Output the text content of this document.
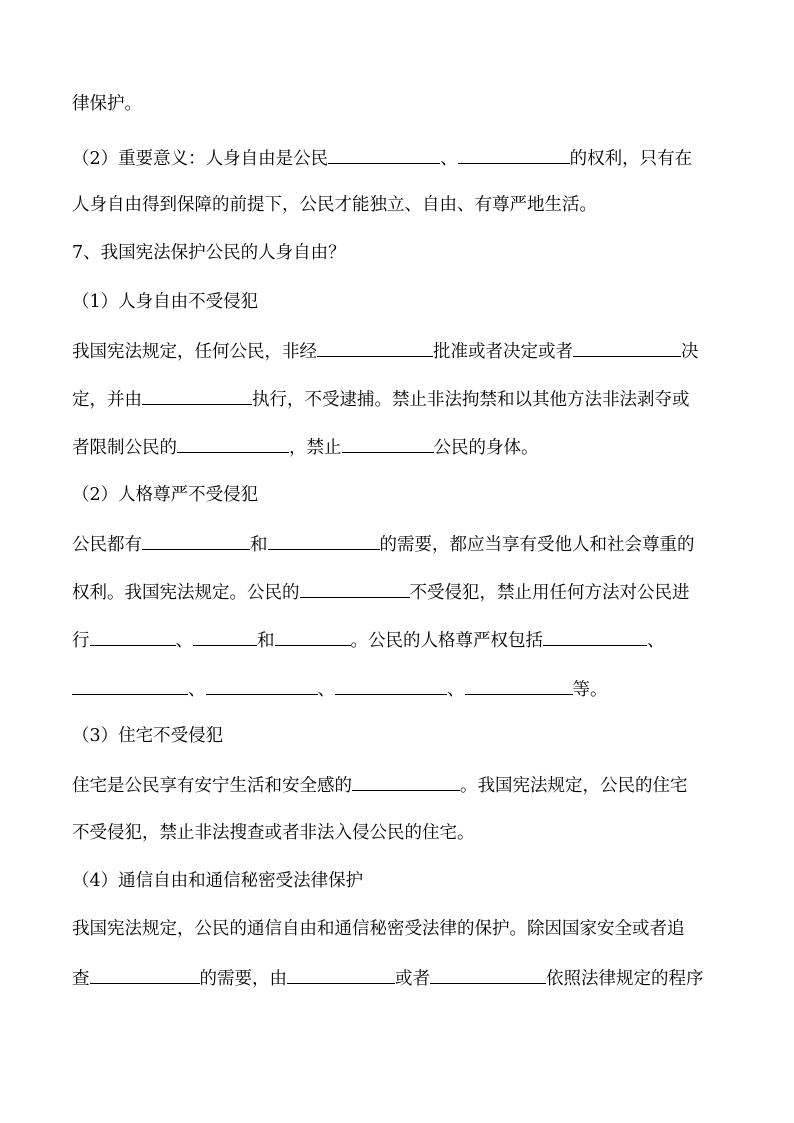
律保护。
（2）重要意义：人身自由是公民	、	的权利，只有在
人身自由得到保障的前提下，公民才能独立、自由、有尊严地生活。
7、我国宪法保护公民的人身自由？
（1）人身自由不受侵犯
我国宪法规定，任何公民，非经	批准或者决定或者	决
定，并由	执行，不受逮捕。禁止非法拘禁和以其他方法非法剥夺或
者限制公民的	，禁止	公民的身体。
（2）人格尊严不受侵犯
公民都有	和	的需要，都应当享有受他人和社会尊重的
权利。我国宪法规定。公民的	不受侵犯，禁止用任何方法对公民进
行	、	和	。公民的人格尊严权包括	、
、	、	、	等。
（3）住宅不受侵犯
住宅是公民享有安宁生活和安全感的	。我国宪法规定，公民的住宅
不受侵犯，禁止非法搜查或者非法入侵公民的住宅。
（4）通信自由和通信秘密受法律保护
我国宪法规定，公民的通信自由和通信秘密受法律的保护。除因国家安全或者追
查	的需要，由	或者	依照法律规定的程序
